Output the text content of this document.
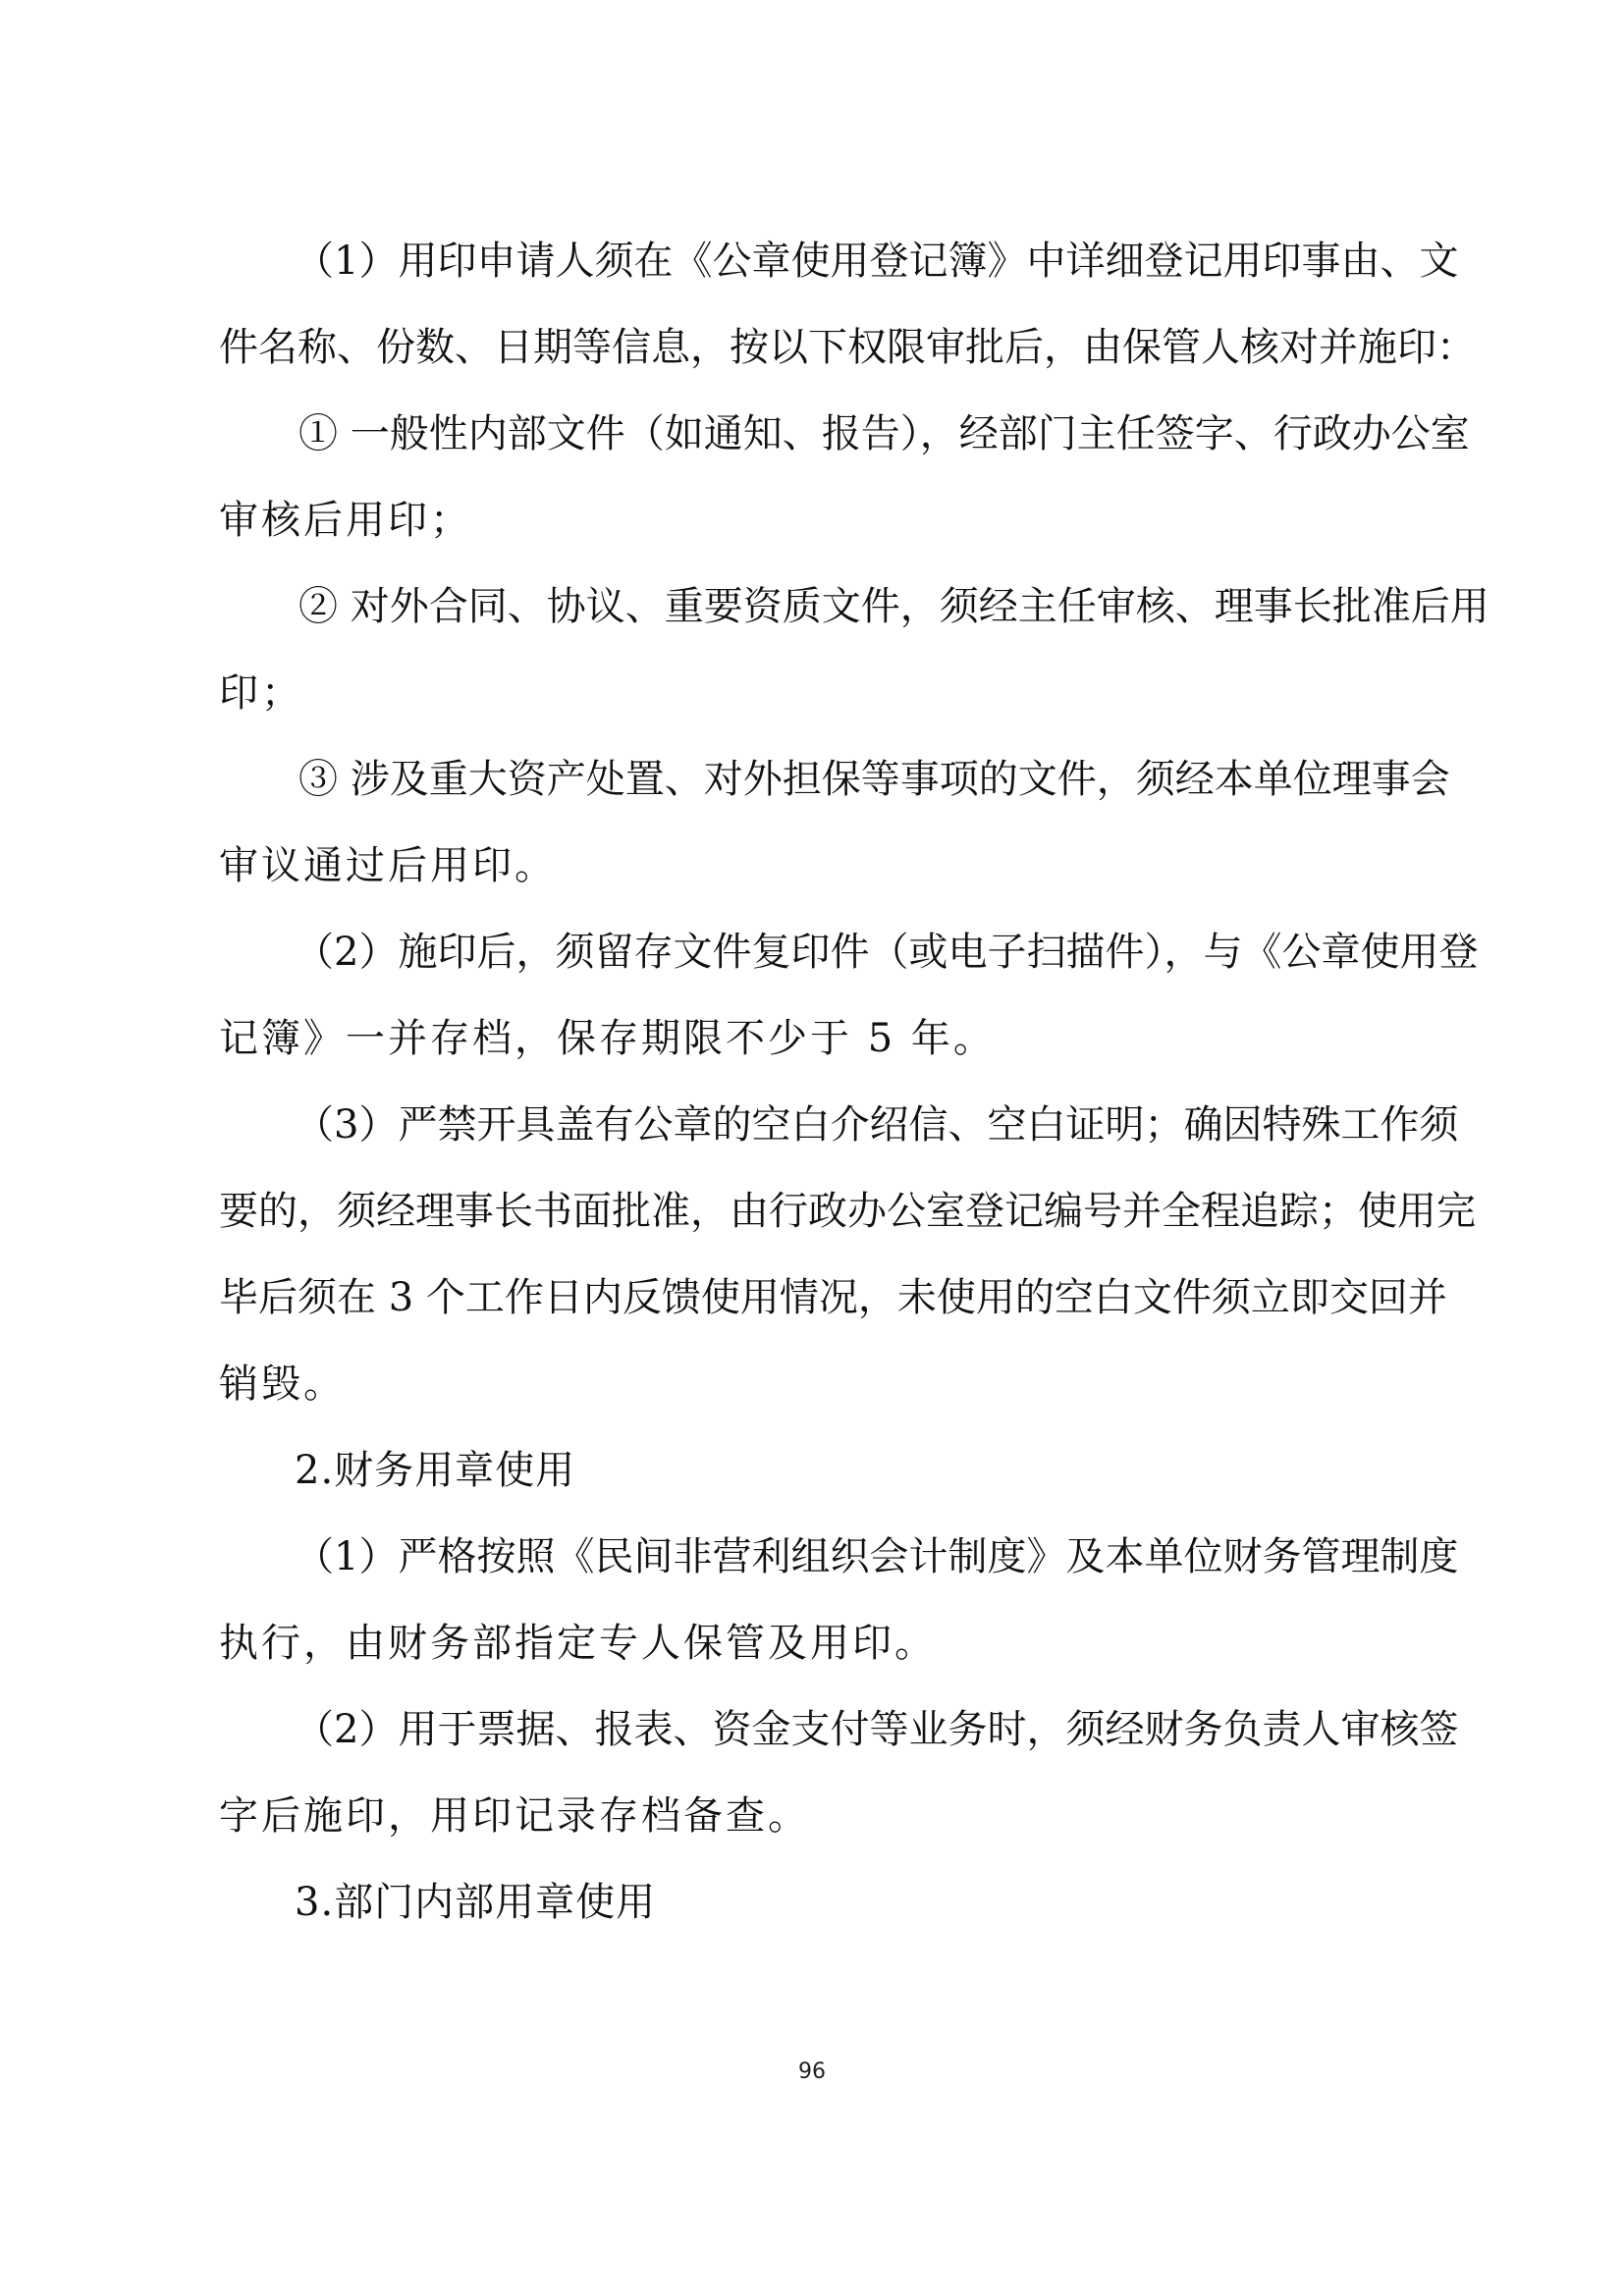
（1）用印申请人须在《公章使用登记簿》中详细登记用印事由、文
件名称、份数、日期等信息，按以下权限审批后，由保管人核对并施印：
① 一般性内部文件（如通知、报告），经部门主任签字、行政办公室
审核后用印；
② 对外合同、协议、重要资质文件，须经主任审核、理事长批准后用
印；
③ 涉及重大资产处置、对外担保等事项的文件，须经本单位理事会
审议通过后用印。
（2）施印后，须留存文件复印件（或电子扫描件），与《公章使用登
记簿》一并存档，保存期限不少于 5 年。
（3）严禁开具盖有公章的空白介绍信、空白证明；确因特殊工作须
要的，须经理事长书面批准，由行政办公室登记编号并全程追踪；使用完
毕后须在 3 个工作日内反馈使用情况，未使用的空白文件须立即交回并
销毁。
2.财务用章使用
（1）严格按照《民间非营利组织会计制度》及本单位财务管理制度
执行，由财务部指定专人保管及用印。
（2）用于票据、报表、资金支付等业务时，须经财务负责人审核签
字后施印，用印记录存档备查。
3.部门内部用章使用
96
